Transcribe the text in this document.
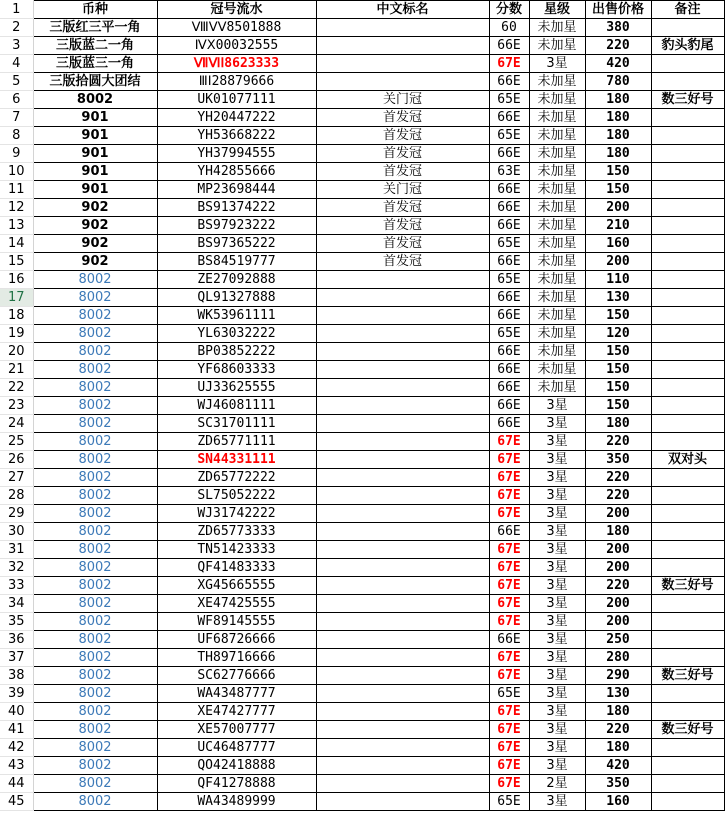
1	币种	冠号流水	中文标名	分数	星级	出售价格	备注
2	三版红三平一角	ⅧⅤⅤ8501888		60	未加星	380	
3	三版蓝二一角	ⅣⅩ00032555		66E	未加星	220	豹头豹尾
4	三版蓝三一角	ⅦⅥⅠ8623333		67E	3星	420	
5	三版拾圆大团结	ⅢⅠ28879666		66E	未加星	780	
6	8002	UK01077111	关门冠	65E	未加星	180	数三好号
7	901	YH20447222	首发冠	66E	未加星	180	
8	901	YH53668222	首发冠	65E	未加星	180	
9	901	YH37994555	首发冠	66E	未加星	180	
10	901	YH42855666	首发冠	63E	未加星	150	
11	901	MP23698444	关门冠	66E	未加星	150	
12	902	BS91374222	首发冠	66E	未加星	200	
13	902	BS97923222	首发冠	66E	未加星	210	
14	902	BS97365222	首发冠	65E	未加星	160	
15	902	BS84519777	首发冠	66E	未加星	200	
16	8002	ZE27092888		65E	未加星	110	
17	8002	QL91327888		66E	未加星	130	
18	8002	WK53961111		66E	未加星	150	
19	8002	YL63032222		65E	未加星	120	
20	8002	BP03852222		66E	未加星	150	
21	8002	YF68603333		66E	未加星	150	
22	8002	UJ33625555		66E	未加星	150	
23	8002	WJ46081111		66E	3星	150	
24	8002	SC31701111		66E	3星	180	
25	8002	ZD65771111		67E	3星	220	
26	8002	SN44331111		67E	3星	350	双对头
27	8002	ZD65772222		67E	3星	220	
28	8002	SL75052222		67E	3星	220	
29	8002	WJ31742222		67E	3星	200	
30	8002	ZD65773333		66E	3星	180	
31	8002	TN51423333		67E	3星	200	
32	8002	QF41483333		67E	3星	200	
33	8002	XG45665555		67E	3星	220	数三好号
34	8002	XE47425555		67E	3星	200	
35	8002	WF89145555		67E	3星	200	
36	8002	UF68726666		66E	3星	250	
37	8002	TH89716666		67E	3星	280	
38	8002	SC62776666		67E	3星	290	数三好号
39	8002	WA43487777		65E	3星	130	
40	8002	XE47427777		67E	3星	180	
41	8002	XE57007777		67E	3星	220	数三好号
42	8002	UC46487777		67E	3星	180	
43	8002	QO42418888		67E	3星	420	
44	8002	QF41278888		67E	2星	350	
45	8002	WA43489999		65E	3星	160	
